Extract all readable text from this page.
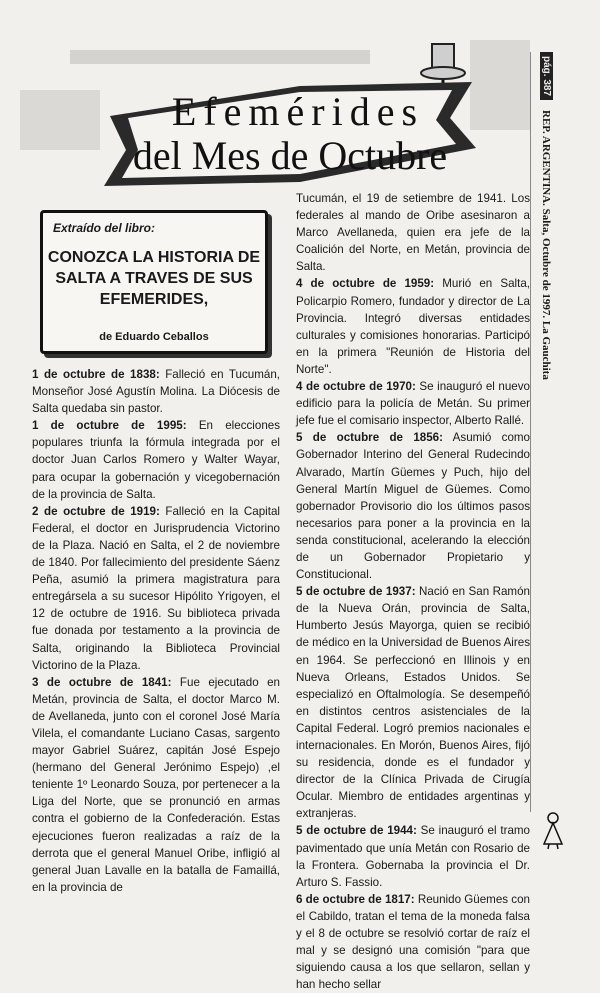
Efemérides
del Mes de Octubre
Extraído del libro:
CONOZCA LA HISTORIA DE SALTA A TRAVES DE SUS EFEMERIDES,
de Eduardo Ceballos

1 de octubre de 1838: Falleció en Tucumán, Monseñor José Agustín Molina. La Diócesis de Salta quedaba sin pastor.

1 de octubre de 1995: En elecciones populares triunfa la fórmula integrada por el doctor Juan Carlos Romero y Walter Wayar, para ocupar la gobernación y vicegobernación de la provincia de Salta.

2 de octubre de 1919: Falleció en la Capital Federal, el doctor en Jurisprudencia Victorino de la Plaza. Nació en Salta, el 2 de noviembre de 1840. Por fallecimiento del presidente Sáenz Peña, asumió la primera magistratura para entregársela a su sucesor Hipólito Yrigoyen, el 12 de octubre de 1916. Su biblioteca privada fue donada por testamento a la provincia de Salta, originando la Biblioteca Provincial Victorino de la Plaza.

3 de octubre de 1841: Fue ejecutado en Metán, provincia de Salta, el doctor Marco M. de Avellaneda, junto con el coronel José María Vilela, el comandante Luciano Casas, sargento mayor Gabriel Suárez, capitán José Espejo (hermano del General Jerónimo Espejo) ,el teniente 1º Leonardo Souza, por pertenecer a la Liga del Norte, que se pronunció en armas contra el gobierno de la Confederación. Estas ejecuciones fueron realizadas a raíz de la derrota que el general Manuel Oribe, infligió al general Juan Lavalle en la batalla de Famaillá, en la provincia de

Tucumán, el 19 de setiembre de 1941. Los federales al mando de Oribe asesinaron a Marco Avellaneda, quien era jefe de la Coalición del Norte, en Metán, provincia de Salta.

4 de octubre de 1959: Murió en Salta, Policarpio Romero, fundador y director de La Provincia. Integró diversas entidades culturales y comisiones honorarias. Participó en la primera "Reunión de Historia del Norte".

4 de octubre de 1970: Se inauguró el nuevo edificio para la policía de Metán. Su primer jefe fue el comisario inspector, Alberto Rallé.

5 de octubre de 1856: Asumió como Gobernador Interino del General Rudecindo Alvarado, Martín Güemes y Puch, hijo del General Martín Miguel de Güemes. Como gobernador Provisorio dio los últimos pasos necesarios para poner a la provincia en la senda constitucional, acelerando la elección de un Gobernador Propietario y Constitucional.

5 de octubre de 1937: Nació en San Ramón de la Nueva Orán, provincia de Salta, Humberto Jesús Mayorga, quien se recibió de médico en la Universidad de Buenos Aires en 1964. Se perfeccionó en Illinois y en Nueva Orleans, Estados Unidos. Se especializó en Oftalmología. Se desempeñó en distintos centros asistenciales de la Capital Federal. Logró premios nacionales e internacionales. En Morón, Buenos Aires, fijó su residencia, donde es el fundador y director de la Clínica Privada de Cirugía Ocular. Miembro de entidades argentinas y extranjeras.

5 de octubre de 1944: Se inauguró el tramo pavimentado que unía Metán con Rosario de la Frontera. Gobernaba la provincia el Dr. Arturo S. Fassio.

6 de octubre de 1817: Reunido Güemes con el Cabildo, tratan el tema de la moneda falsa y el 8 de octubre se resolvió cortar de raíz el mal y se designó una comisión "para que siguiendo causa a los que sellaron, sellan y han hecho sellar

pág. 387
REP. ARGENTINA. Salta, Octubre de 1997. La Gauchita
